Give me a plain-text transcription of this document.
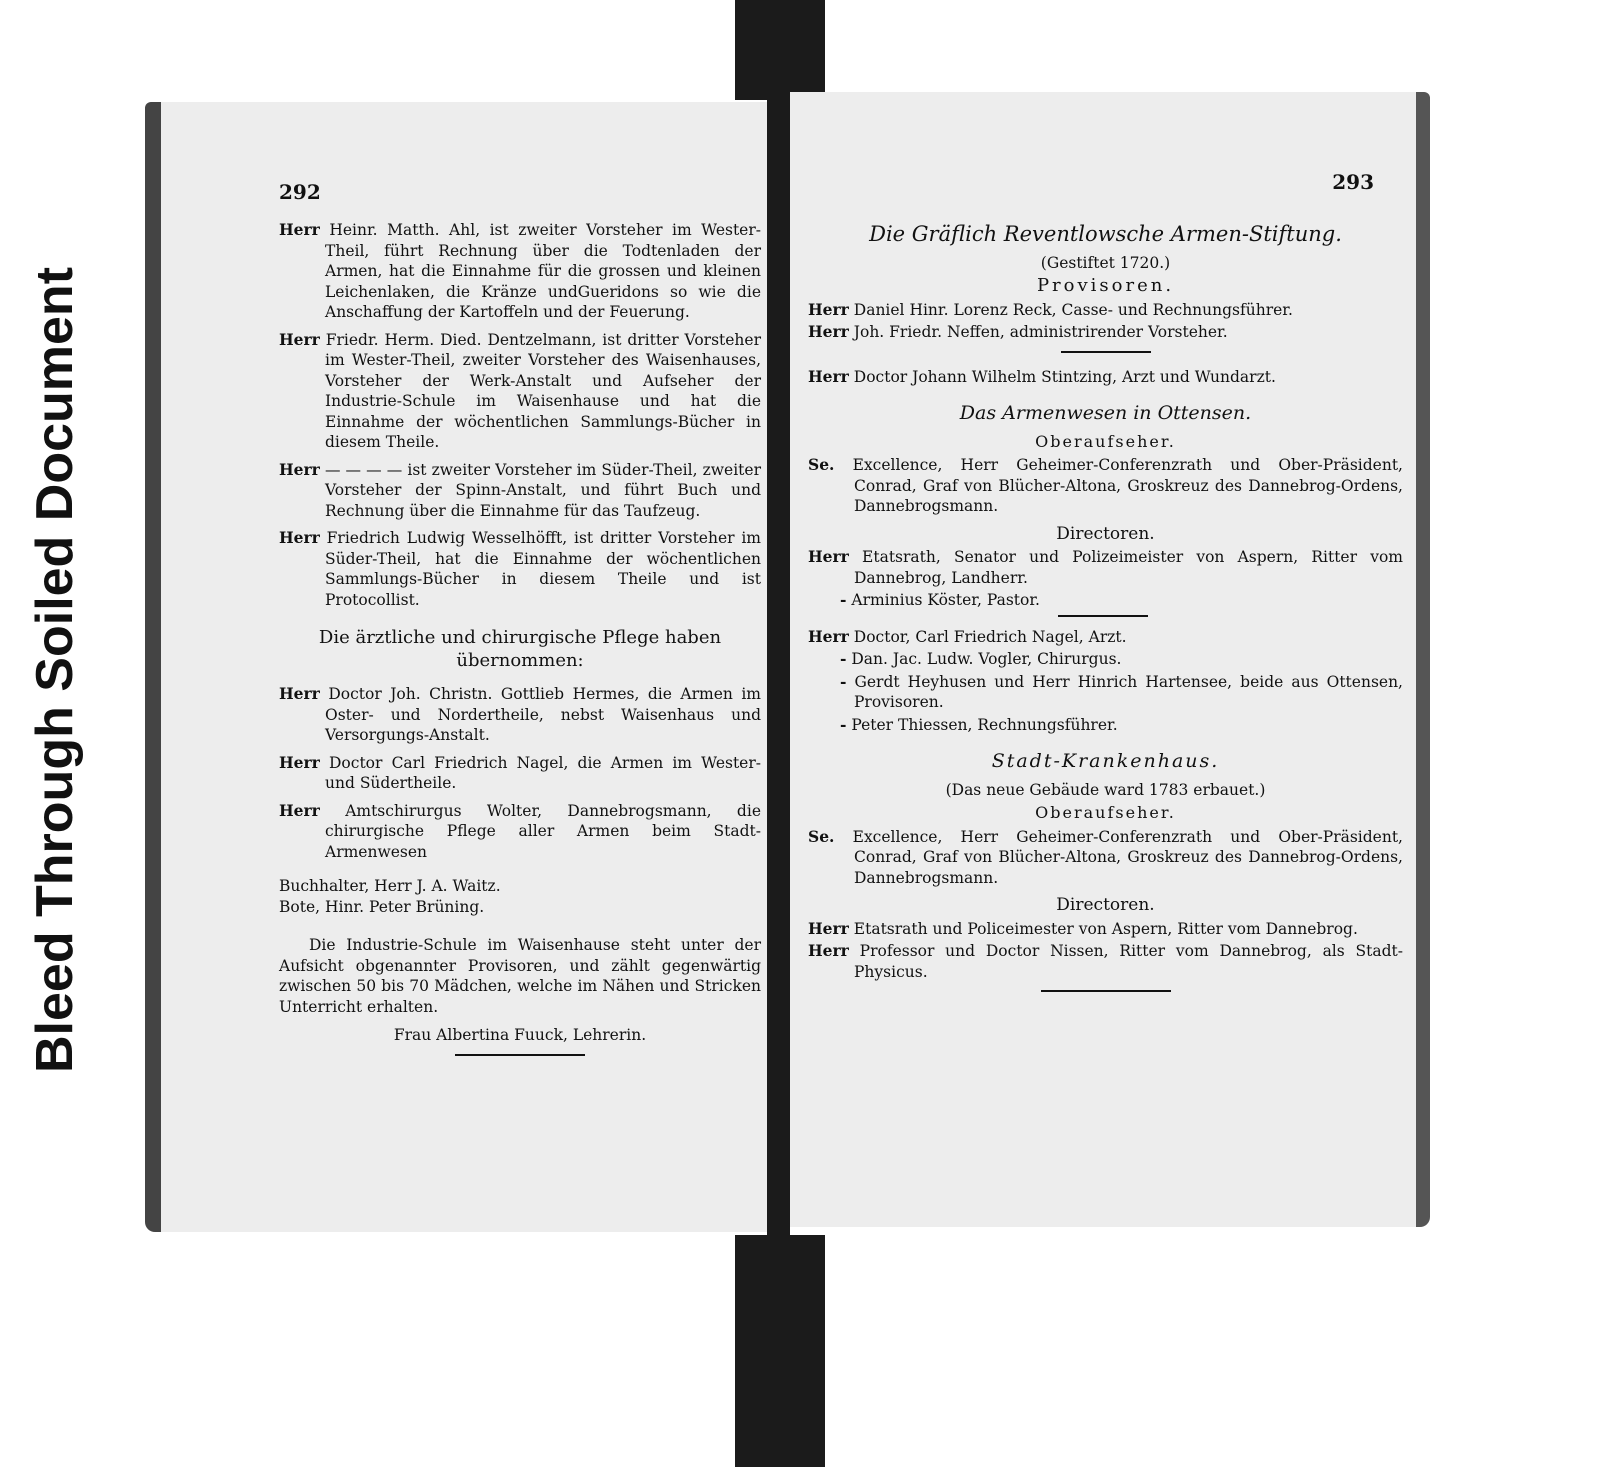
Bleed Through Soiled Document
292

Herr Heinr. Matth. Ahl, ist zweiter Vorsteher im Wester-Theil, führt Rechnung über die Todtenladen der Armen, hat die Einnahme für die grossen und kleinen Leichenlaken, die Kränze undGueridons so wie die Anschaffung der Kartoffeln und der Feuerung.

Herr Friedr. Herm. Died. Dentzelmann, ist dritter Vorsteher im Wester-Theil, zweiter Vorsteher des Waisenhauses, Vorsteher der Werk-Anstalt und Aufseher der Industrie-Schule im Waisenhause und hat die Einnahme der wöchentlichen Sammlungs-Bücher in diesem Theile.

Herr — — — — ist zweiter Vorsteher im Süder-Theil, zweiter Vorsteher der Spinn-Anstalt, und führt Buch und Rechnung über die Einnahme für das Taufzeug.

Herr Friedrich Ludwig Wesselhöfft, ist dritter Vorsteher im Süder-Theil, hat die Einnahme der wöchentlichen Sammlungs-Bücher in diesem Theile und ist Protocollist.

Die ärztliche und chirurgische Pflege haben übernommen:

Herr Doctor Joh. Christn. Gottlieb Hermes, die Armen im Oster- und Nordertheile, nebst Waisenhaus und Versorgungs-Anstalt.

Herr Doctor Carl Friedrich Nagel, die Armen im Wester- und Südertheile.

Herr Amtschirurgus Wolter, Dannebrogsmann, die chirurgische Pflege aller Armen beim Stadt-Armenwesen

Buchhalter, Herr J. A. Waitz.

Bote, Hinr. Peter Brüning.

Die Industrie-Schule im Waisenhause steht unter der Aufsicht obgenannter Provisoren, und zählt gegenwärtig zwischen 50 bis 70 Mädchen, welche im Nähen und Stricken Unterricht erhalten.

Frau Albertina Fuuck, Lehrerin.

293

Die Gräflich Reventlowsche Armen-Stiftung.

(Gestiftet 1720.)

Provisoren.

Herr Daniel Hinr. Lorenz Reck, Casse- und Rechnungsführer.

Herr Joh. Friedr. Neffen, administrirender Vorsteher.

Herr Doctor Johann Wilhelm Stintzing, Arzt und Wundarzt.

Das Armenwesen in Ottensen.

Oberaufseher.

Se. Excellence, Herr Geheimer-Conferenzrath und Ober-Präsident, Conrad, Graf von Blücher-Altona, Groskreuz des Dannebrog-Ordens, Dannebrogsmann.

Directoren.

Herr Etatsrath, Senator und Polizeimeister von Aspern, Ritter vom Dannebrog, Landherr.

- Arminius Köster, Pastor.

Herr Doctor, Carl Friedrich Nagel, Arzt.

- Dan. Jac. Ludw. Vogler, Chirurgus.

- Gerdt Heyhusen und Herr Hinrich Hartensee, beide aus Ottensen, Provisoren.

- Peter Thiessen, Rechnungsführer.

Stadt-Krankenhaus.

(Das neue Gebäude ward 1783 erbauet.)

Oberaufseher.

Se. Excellence, Herr Geheimer-Conferenzrath und Ober-Präsident, Conrad, Graf von Blücher-Altona, Groskreuz des Dannebrog-Ordens, Dannebrogsmann.

Directoren.

Herr Etatsrath und Policeimester von Aspern, Ritter vom Dannebrog.

Herr Professor und Doctor Nissen, Ritter vom Dannebrog, als Stadt-Physicus.
